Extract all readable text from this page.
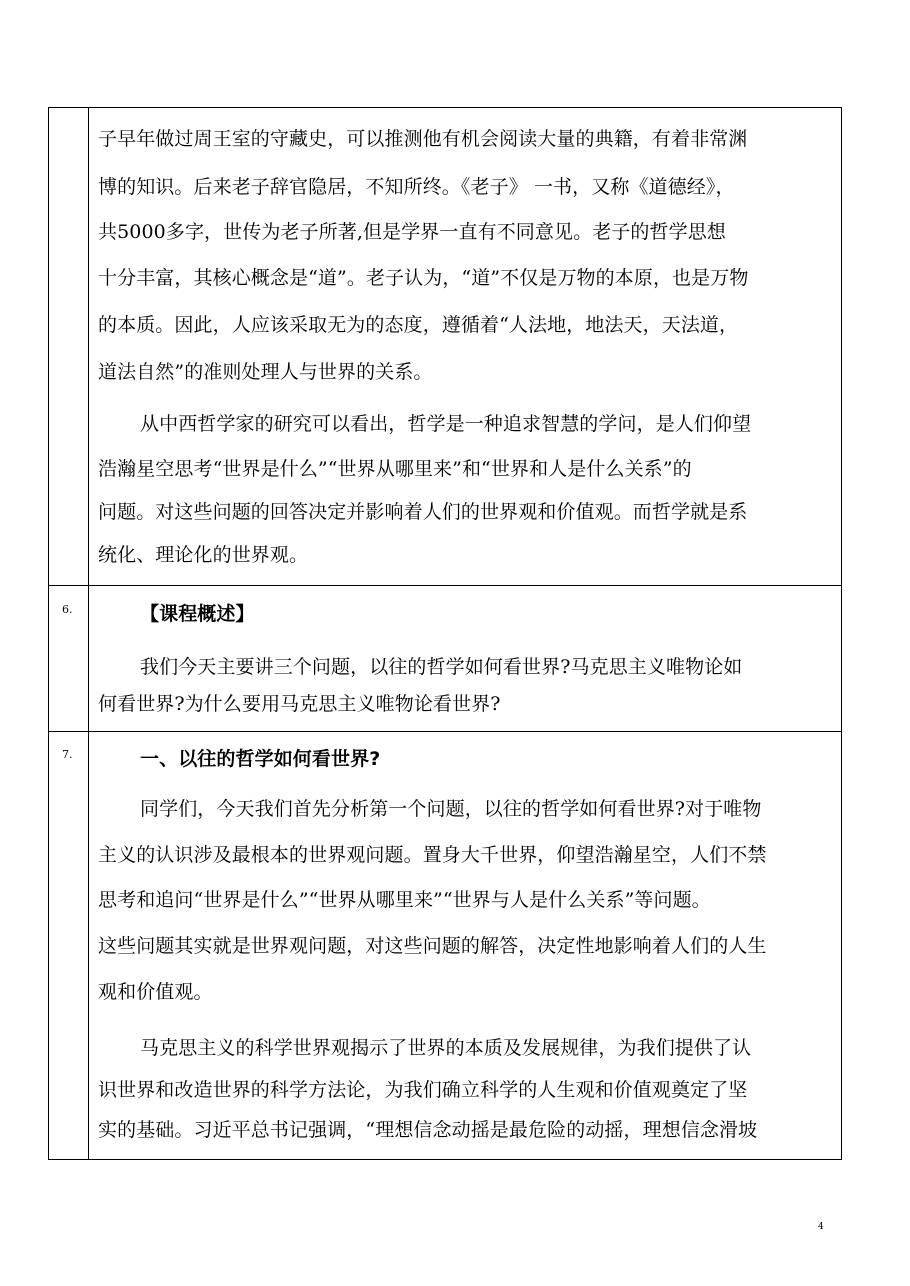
子早年做过周王室的守藏史，可以推测他有机会阅读大量的典籍，有着非常渊
博的知识。后来老子辞官隐居，不知所终。《老子》 一书，又称《道德经》，
共5000多字，世传为老子所著,但是学界一直有不同意见。老子的哲学思想
十分丰富，其核心概念是“道”。老子认为，“道”不仅是万物的本原，也是万物
的本质。因此，人应该采取无为的态度，遵循着“人法地，地法天，天法道，
道法自然”的准则处理人与世界的关系。
从中西哲学家的研究可以看出，哲学是一种追求智慧的学问，是人们仰望
浩瀚星空思考“世界是什么”“世界从哪里来”和“世界和人是什么关系”的
问题。对这些问题的回答决定并影响着人们的世界观和价值观。而哲学就是系
统化、理论化的世界观。
6.	【课程概述】
我们今天主要讲三个问题，以往的哲学如何看世界?马克思主义唯物论如
何看世界?为什么要用马克思主义唯物论看世界?
7.	一、以往的哲学如何看世界?
同学们，今天我们首先分析第一个问题，以往的哲学如何看世界?对于唯物
主义的认识涉及最根本的世界观问题。置身大千世界，仰望浩瀚星空，人们不禁
思考和追问“世界是什么”“世界从哪里来”“世界与人是什么关系”等问题。
这些问题其实就是世界观问题，对这些问题的解答，决定性地影响着人们的人生
观和价值观。
马克思主义的科学世界观揭示了世界的本质及发展规律，为我们提供了认
识世界和改造世界的科学方法论，为我们确立科学的人生观和价值观奠定了坚
实的基础。习近平总书记强调，“理想信念动摇是最危险的动摇，理想信念滑坡
4
